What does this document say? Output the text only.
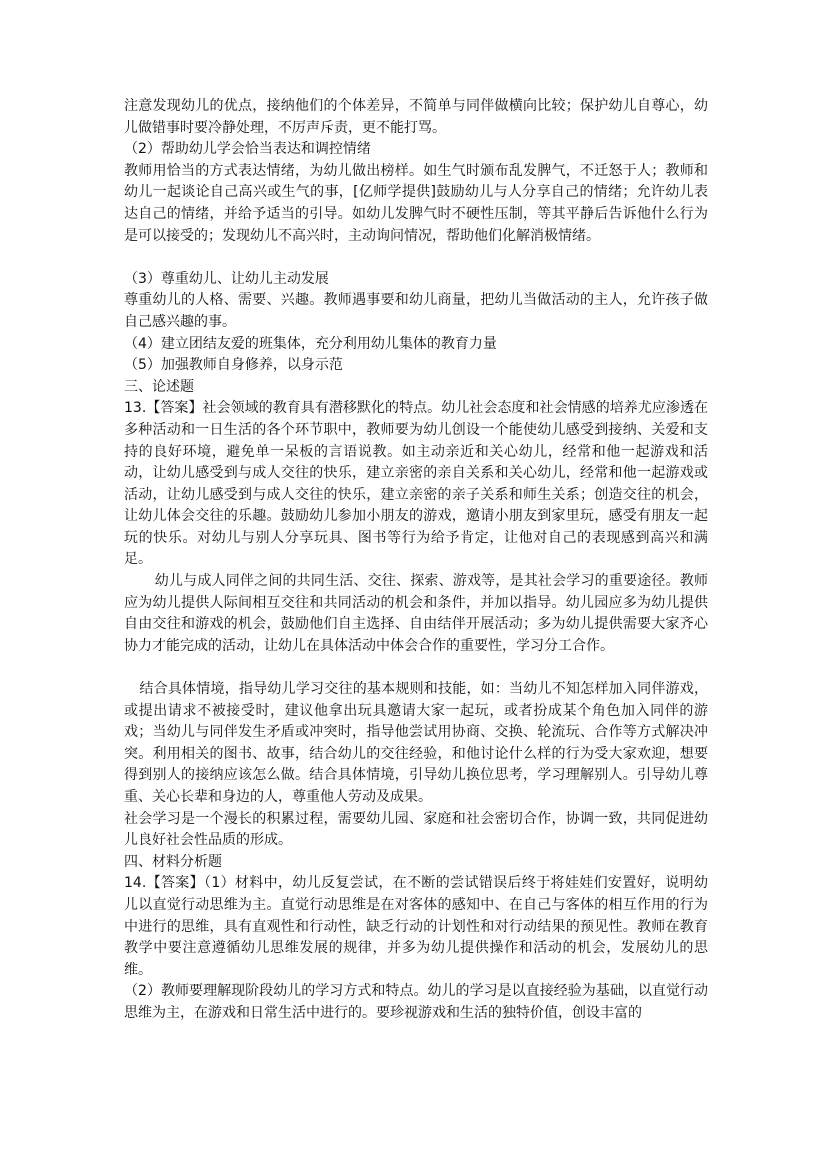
注意发现幼儿的优点，接纳他们的个体差异，不简单与同伴做横向比较；保护幼儿自尊心，幼儿做错事时要冷静处理，不厉声斥责，更不能打骂。

（2）帮助幼儿学会恰当表达和调控情绪

教师用恰当的方式表达情绪，为幼儿做出榜样。如生气时颁布乱发脾气，不迁怒于人；教师和幼儿一起谈论自己高兴或生气的事，[亿师学提供]鼓励幼儿与人分享自己的情绪；允许幼儿表达自己的情绪，并给予适当的引导。如幼儿发脾气时不硬性压制，等其平静后告诉他什么行为是可以接受的；发现幼儿不高兴时，主动询问情况，帮助他们化解消极情绪。

（3）尊重幼儿、让幼儿主动发展

尊重幼儿的人格、需要、兴趣。教师遇事要和幼儿商量，把幼儿当做活动的主人，允许孩子做自己感兴趣的事。

（4）建立团结友爱的班集体，充分利用幼儿集体的教育力量

（5）加强教师自身修养，以身示范

三、论述题

13.【答案】社会领域的教育具有潜移默化的特点。幼儿社会态度和社会情感的培养尤应渗透在多种活动和一日生活的各个环节职中，教师要为幼儿创设一个能使幼儿感受到接纳、关爱和支持的良好环境，避免单一呆板的言语说教。如主动亲近和关心幼儿，经常和他一起游戏和活动，让幼儿感受到与成人交往的快乐，建立亲密的亲自关系和关心幼儿，经常和他一起游戏或活动，让幼儿感受到与成人交往的快乐，建立亲密的亲子关系和师生关系；创造交往的机会，让幼儿体会交往的乐趣。鼓励幼儿参加小朋友的游戏，邀请小朋友到家里玩，感受有朋友一起玩的快乐。对幼儿与别人分享玩具、图书等行为给予肯定，让他对自己的表现感到高兴和满足。

幼儿与成人同伴之间的共同生活、交往、探索、游戏等，是其社会学习的重要途径。教师应为幼儿提供人际间相互交往和共同活动的机会和条件，并加以指导。幼儿园应多为幼儿提供自由交往和游戏的机会，鼓励他们自主选择、自由结伴开展活动；多为幼儿提供需要大家齐心协力才能完成的活动，让幼儿在具体活动中体会合作的重要性，学习分工合作。

结合具体情境，指导幼儿学习交往的基本规则和技能，如：当幼儿不知怎样加入同伴游戏，或提出请求不被接受时，建议他拿出玩具邀请大家一起玩，或者扮成某个角色加入同伴的游戏；当幼儿与同伴发生矛盾或冲突时，指导他尝试用协商、交换、轮流玩、合作等方式解决冲突。利用相关的图书、故事，结合幼儿的交往经验，和他讨论什么样的行为受大家欢迎，想要得到别人的接纳应该怎么做。结合具体情境，引导幼儿换位思考，学习理解别人。引导幼儿尊重、关心长辈和身边的人，尊重他人劳动及成果。

社会学习是一个漫长的积累过程，需要幼儿园、家庭和社会密切合作，协调一致，共同促进幼儿良好社会性品质的形成。

四、材料分析题

14.【答案】（1）材料中，幼儿反复尝试，在不断的尝试错误后终于将娃娃们安置好，说明幼儿以直觉行动思维为主。直觉行动思维是在对客体的感知中、在自己与客体的相互作用的行为中进行的思维，具有直观性和行动性，缺乏行动的计划性和对行动结果的预见性。教师在教育教学中要注意遵循幼儿思维发展的规律，并多为幼儿提供操作和活动的机会，发展幼儿的思维。

（2）教师要理解现阶段幼儿的学习方式和特点。幼儿的学习是以直接经验为基础，以直觉行动思维为主，在游戏和日常生活中进行的。要珍视游戏和生活的独特价值，创设丰富的
